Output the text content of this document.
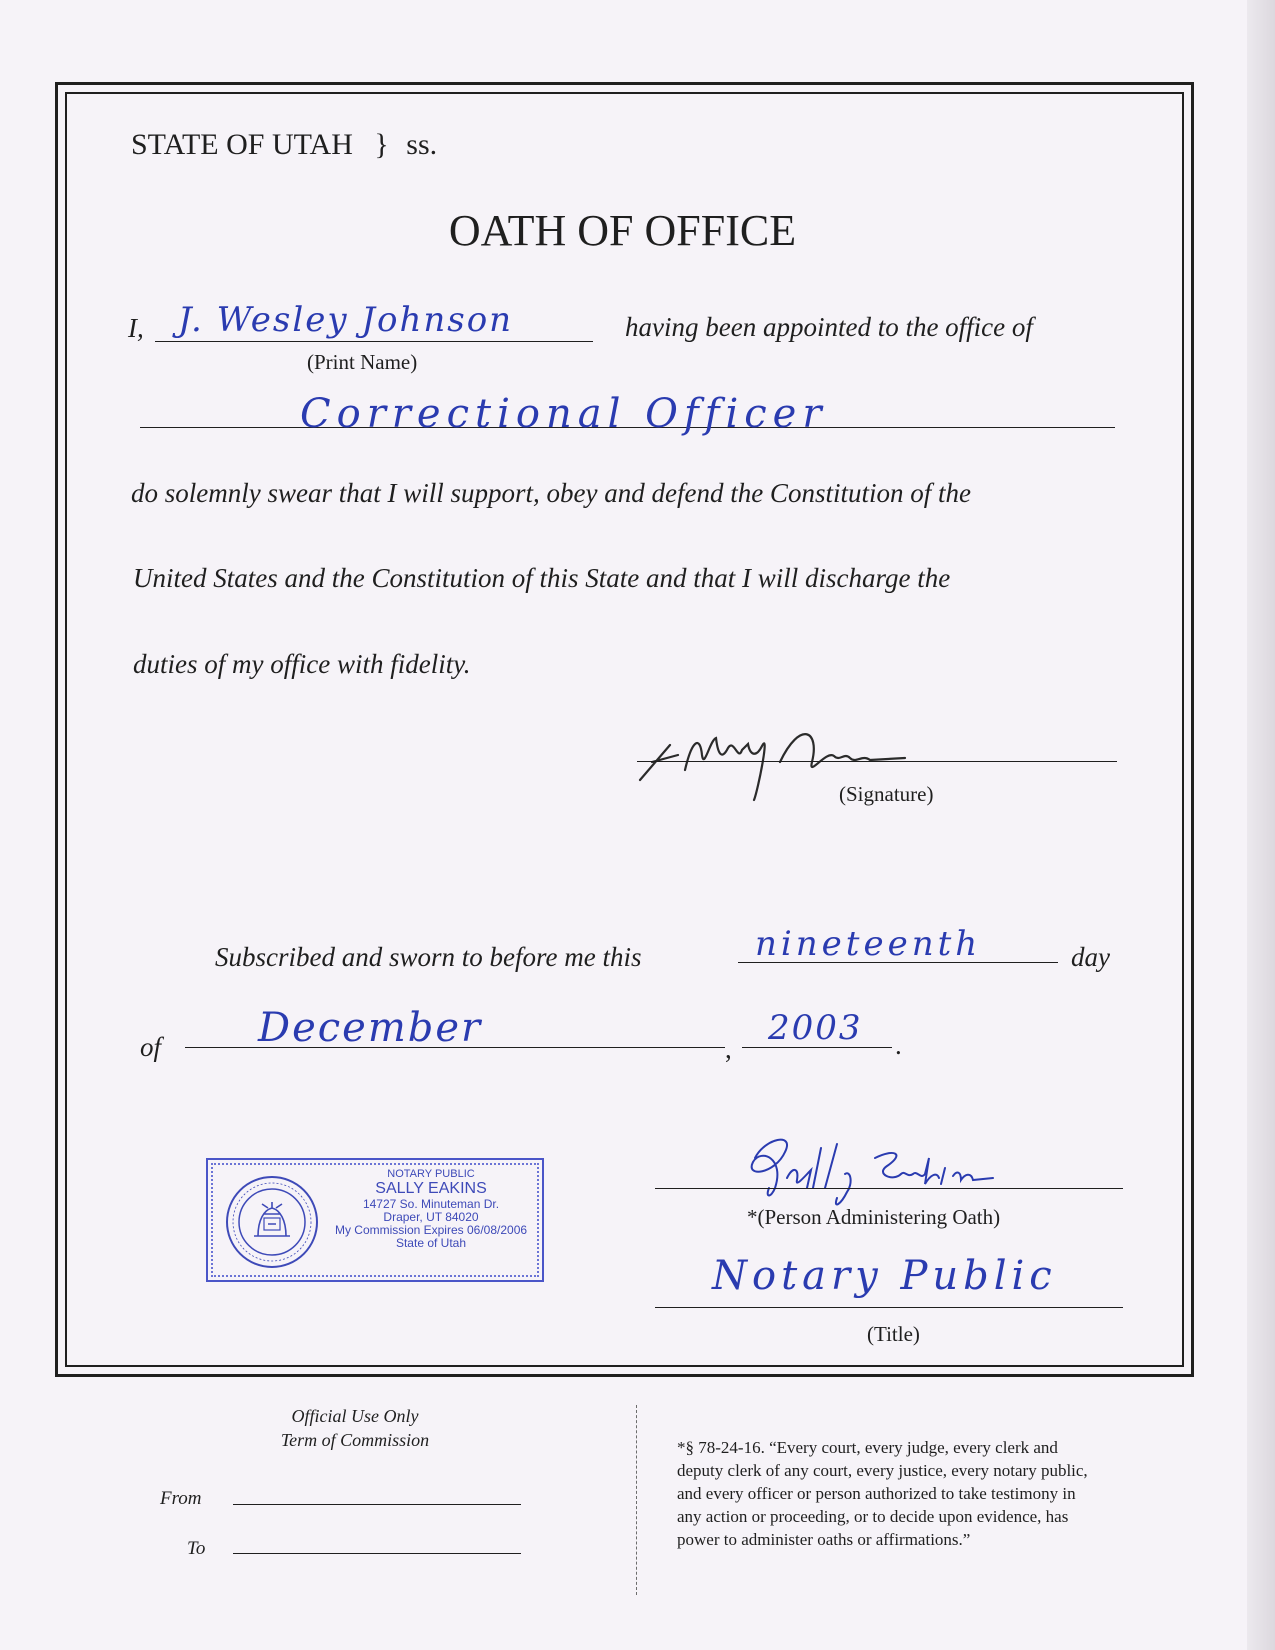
STATE OF UTAH } ss.
OATH OF OFFICE
I, J. Wesley Johnson	having been appointed to the office of
(Print Name)
Correctional Officer
do solemnly swear that I will support, obey and defend the Constitution of the
United States and the Constitution of this State and that I will discharge the
duties of my office with fidelity.
(Signature)
Subscribed and sworn to before me this	nineteenth	day
of December	,
2003 .
NOTARY PUBLIC
SALLY EAKINS
14727 So. Minuteman Dr.
Draper, UT 84020
My Commission Expires 06/08/2006
State of Utah
*(Person Administering Oath)
Notary Public
(Title)
Official Use Only
Term of Commission
From
To
*§ 78-24-16. “Every court, every judge, every clerk and
deputy clerk of any court, every justice, every notary public,
and every officer or person authorized to take testimony in
any action or proceeding, or to decide upon evidence, has
power to administer oaths or affirmations.”
